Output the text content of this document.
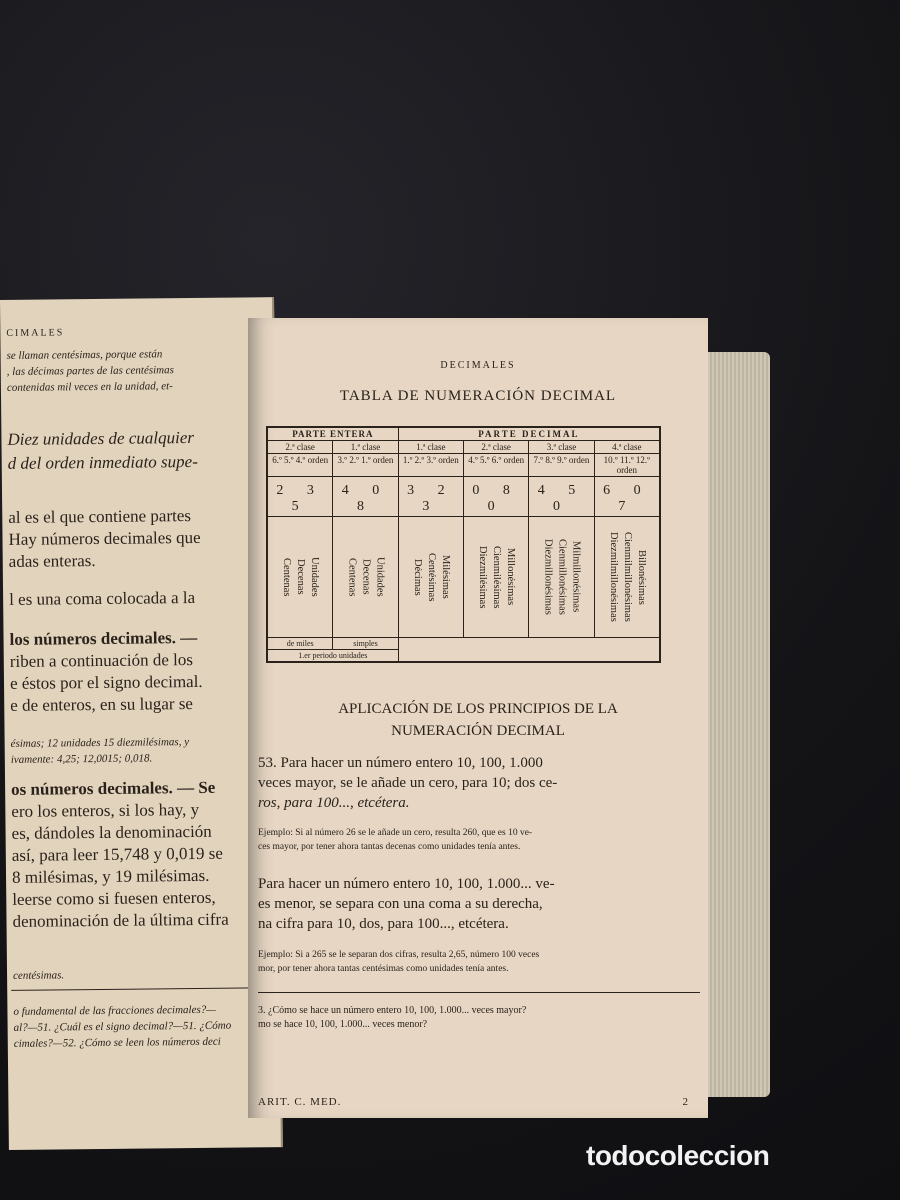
CIMALES

se llaman centésimas, porque están

, las décimas partes de las centésimas

contenidas mil veces en la unidad, et-

Diez unidades de cualquier

d del orden inmediato supe-

al es el que contiene partes

Hay números decimales que

adas enteras.

l es una coma colocada a la

los números decimales. —

riben a continuación de los

e éstos por el signo decimal.

e de enteros, en su lugar se

ésimas; 12 unidades 15 diezmilésimas, y

ivamente: 4,25; 12,0015; 0,018.

os números decimales. — Se

ero los enteros, si los hay, y

es, dándoles la denominación

así, para leer 15,748 y 0,019 se

8 milésimas, y 19 milésimas.

leerse como si fuesen enteros,

denominación de la última cifra

centésimas.

o fundamental de las fracciones decimales?—

al?—51. ¿Cuál es el signo decimal?—51. ¿Cómo

cimales?—52. ¿Cómo se leen los números deci

DECIMALES
TABLA DE NUMERACIÓN DECIMAL
PARTE ENTERA		PARTE DECIMAL			
2.ª clase	1.ª clase	1.ª clase	2.ª clase	3.ª clase	4.ª clase
6.º 5.º 4.º orden	3.º 2.º 1.º orden	1.º 2.º 3.º orden	4.º 5.º 6.º orden	7.º 8.º 9.º orden	10.º 11.º 12.º orden
2 3 5	4 0 8	3 2 3	0 8 0	4 5 0	6 0 7

Centenas Decenas Unidades	Centenas Decenas Unidades	Décimas Centésimas Milésimas	Diezmilésimas Cienmilésimas Millonésimas	Diezmillonésimas Cienmillonésimas Milmillonésimas	Diezmilmillonésimas Cienmilmillonésimas Billonésimas

de miles	simples				
1.er periodo unidades					
APLICACIÓN DE LOS PRINCIPIOS DE LA
NUMERACIÓN DECIMAL

53. Para hacer un número entero 10, 100, 1.000

veces mayor, se le añade un cero, para 10; dos ce-

ros, para 100..., etcétera.

Ejemplo: Si al número 26 se le añade un cero, resulta 260, que es 10 ve-

ces mayor, por tener ahora tantas decenas como unidades tenía antes.

Para hacer un número entero 10, 100, 1.000... ve-

es menor, se separa con una coma a su derecha,

na cifra para 10, dos, para 100..., etcétera.

Ejemplo: Si a 265 se le separan dos cifras, resulta 2,65, número 100 veces

mor, por tener ahora tantas centésimas como unidades tenía antes.

3. ¿Cómo se hace un número entero 10, 100, 1.000... veces mayor?

mo se hace 10, 100, 1.000... veces menor?

ARIT. C. MED.	2
todocoleccion
